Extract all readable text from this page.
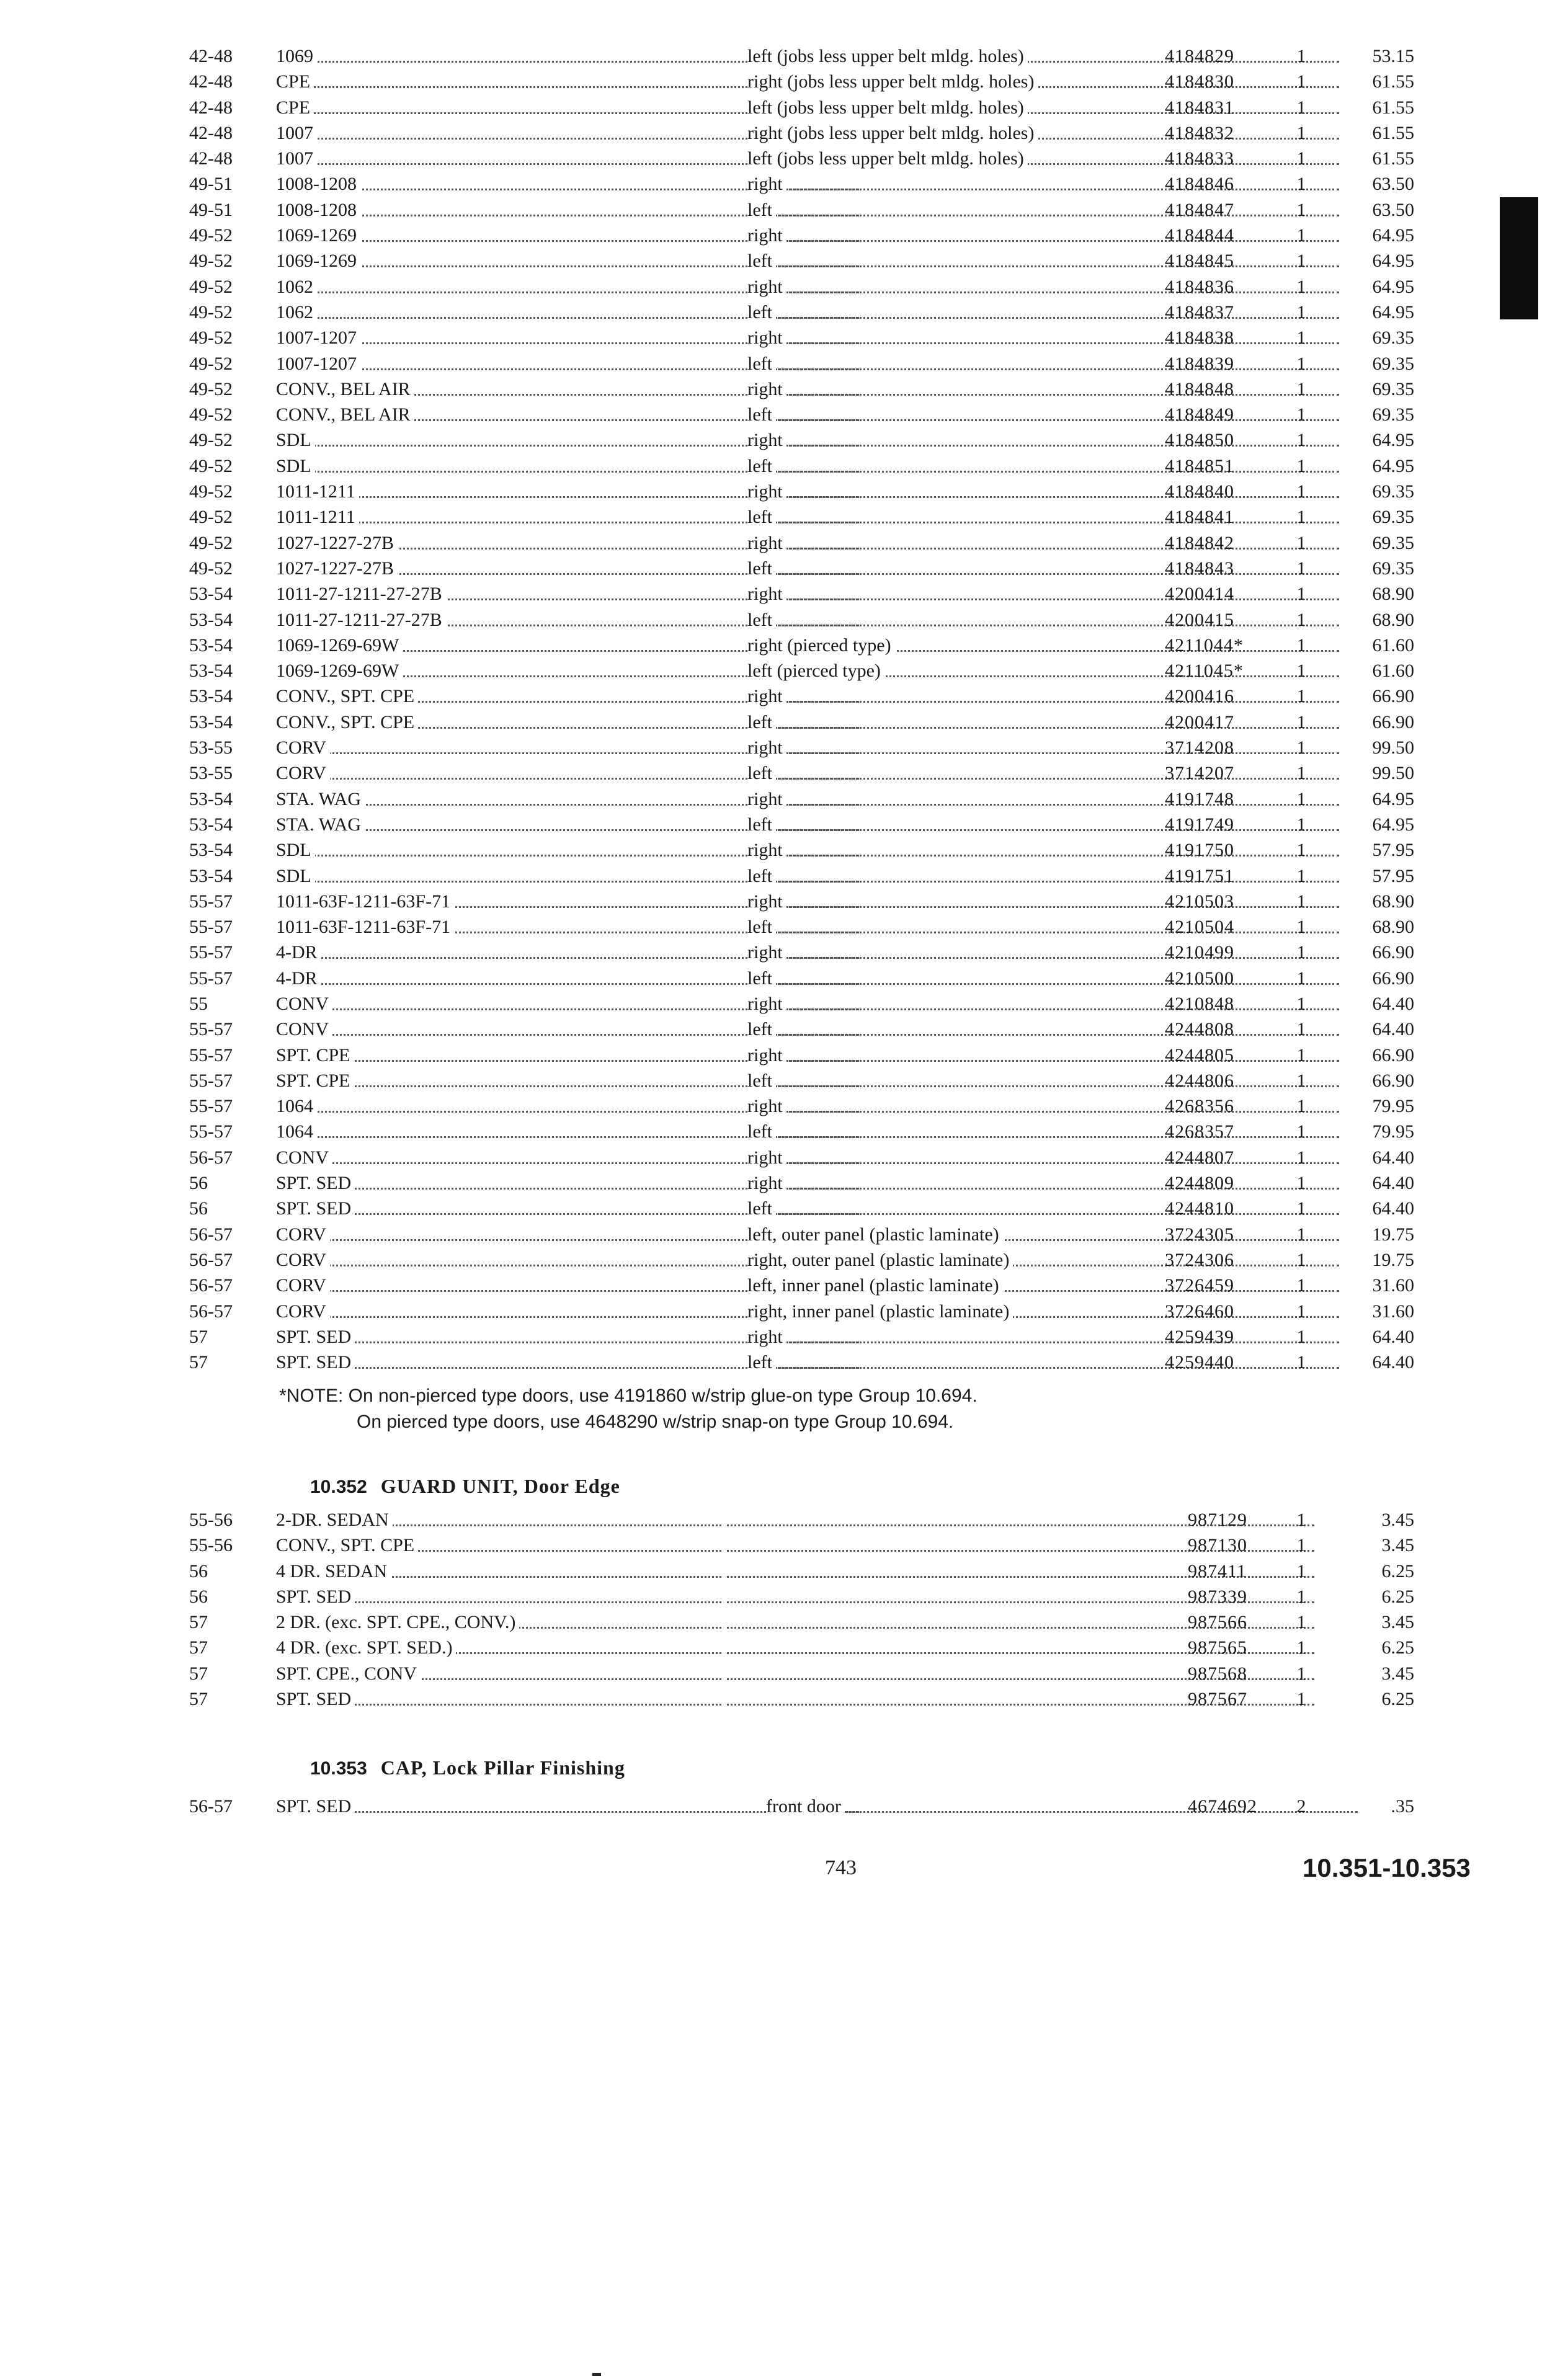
42-48	1069	left (jobs less upper belt mldg. holes)	4184829	1	53.15
42-48	CPE	right (jobs less upper belt mldg. holes)	4184830	1	61.55
42-48	CPE	left (jobs less upper belt mldg. holes)	4184831	1	61.55
42-48	1007	right (jobs less upper belt mldg. holes)	4184832	1	61.55
42-48	1007	left (jobs less upper belt mldg. holes)	4184833	1	61.55
49-51	1008-1208	right	4184846	1	63.50
49-51	1008-1208	left	4184847	1	63.50
49-52	1069-1269	right	4184844	1	64.95
49-52	1069-1269	left	4184845	1	64.95
49-52	1062	right	4184836	1	64.95
49-52	1062	left	4184837	1	64.95
49-52	1007-1207	right	4184838	1	69.35
49-52	1007-1207	left	4184839	1	69.35
49-52	CONV., BEL AIR	right	4184848	1	69.35
49-52	CONV., BEL AIR	left	4184849	1	69.35
49-52	SDL	right	4184850	1	64.95
49-52	SDL	left	4184851	1	64.95
49-52	1011-1211	right	4184840	1	69.35
49-52	1011-1211	left	4184841	1	69.35
49-52	1027-1227-27B	right	4184842	1	69.35
49-52	1027-1227-27B	left	4184843	1	69.35
53-54	1011-27-1211-27-27B	right	4200414	1	68.90
53-54	1011-27-1211-27-27B	left	4200415	1	68.90
53-54	1069-1269-69W	right (pierced type)	4211044*	1	61.60
53-54	1069-1269-69W	left (pierced type)	4211045*	1	61.60
53-54	CONV., SPT. CPE	right	4200416	1	66.90
53-54	CONV., SPT. CPE	left	4200417	1	66.90
53-55	CORV	right	3714208	1	99.50
53-55	CORV	left	3714207	1	99.50
53-54	STA. WAG	right	4191748	1	64.95
53-54	STA. WAG	left	4191749	1	64.95
53-54	SDL	right	4191750	1	57.95
53-54	SDL	left	4191751	1	57.95
55-57	1011-63F-1211-63F-71	right	4210503	1	68.90
55-57	1011-63F-1211-63F-71	left	4210504	1	68.90
55-57	4-DR	right	4210499	1	66.90
55-57	4-DR	left	4210500	1	66.90
55	CONV	right	4210848	1	64.40
55-57	CONV	left	4244808	1	64.40
55-57	SPT. CPE	right	4244805	1	66.90
55-57	SPT. CPE	left	4244806	1	66.90
55-57	1064	right	4268356	1	79.95
55-57	1064	left	4268357	1	79.95
56-57	CONV	right	4244807	1	64.40
56	SPT. SED	right	4244809	1	64.40
56	SPT. SED	left	4244810	1	64.40
56-57	CORV	left, outer panel (plastic laminate)	3724305	1	19.75
56-57	CORV	right, outer panel (plastic laminate)	3724306	1	19.75
56-57	CORV	left, inner panel (plastic laminate)	3726459	1	31.60
56-57	CORV	right, inner panel (plastic laminate)	3726460	1	31.60
57	SPT. SED	right	4259439	1	64.40
57	SPT. SED	left	4259440	1	64.40
*NOTE: On non-pierced type doors, use 4191860 w/strip glue-on type Group 10.694.
On pierced type doors, use 4648290 w/strip snap-on type Group 10.694.
10.352 GUARD UNIT, Door Edge
55-56	2-DR. SEDAN	987129	1	3.45
55-56	CONV., SPT. CPE	987130	1	3.45
56	4 DR. SEDAN	987411	1	6.25
56	SPT. SED	987339	1	6.25
57	2 DR. (exc. SPT. CPE., CONV.)	987566	1	3.45
57	4 DR. (exc. SPT. SED.)	987565	1	6.25
57	SPT. CPE., CONV	987568	1	3.45
57	SPT. SED	987567	1	6.25
10.353 CAP, Lock Pillar Finishing
56-57	SPT. SED	front door	4674692	2	.35
743	10.351-10.353
